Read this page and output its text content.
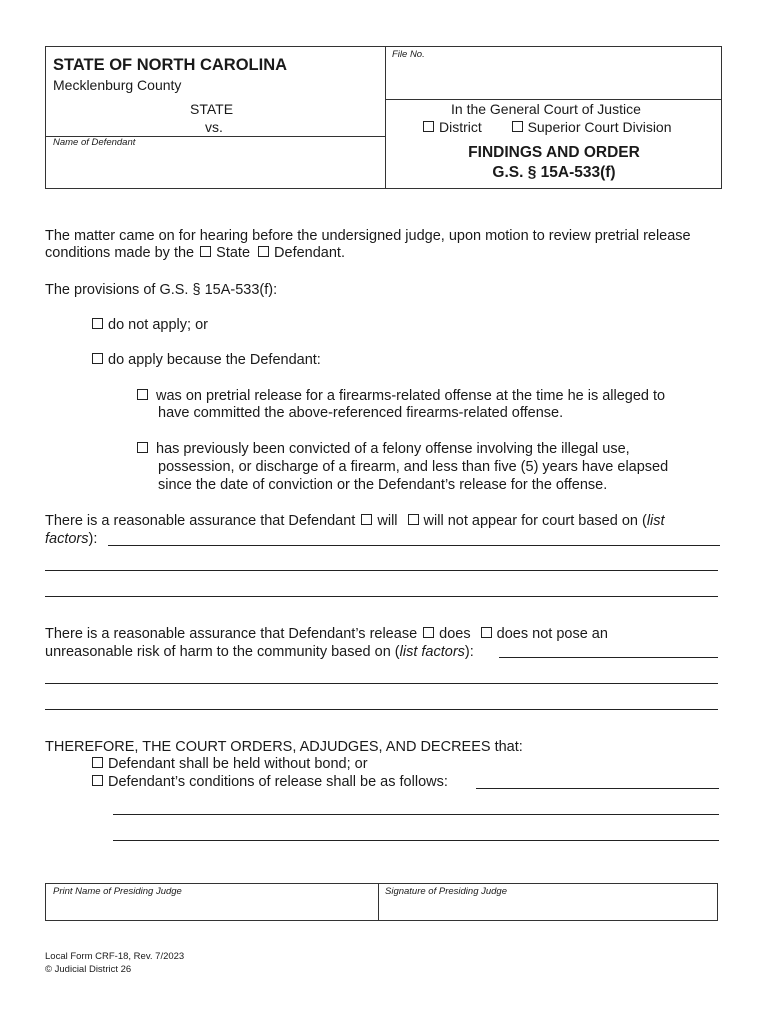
STATE OF NORTH CAROLINA
Mecklenburg County
File No.
STATE
vs.
In the General Court of Justice
District	Superior Court Division
Name of Defendant
FINDINGS AND ORDER
G.S. § 15A-533(f)
The matter came on for hearing before the undersigned judge, upon motion to review pretrial release
conditions made by the State Defendant.
The provisions of G.S. § 15A-533(f):
do not apply; or
do apply because the Defendant:
was on pretrial release for a firearms-related offense at the time he is alleged to
have committed the above-referenced firearms-related offense.
has previously been convicted of a felony offense involving the illegal use,
possession, or discharge of a firearm, and less than five (5) years have elapsed
since the date of conviction or the Defendant’s release for the offense.
There is a reasonable assurance that Defendant will will not appear for court based on (list
factors):
There is a reasonable assurance that Defendant’s release does does not pose an
unreasonable risk of harm to the community based on (list factors):
THEREFORE, THE COURT ORDERS, ADJUDGES, AND DECREES that:
Defendant shall be held without bond; or
Defendant’s conditions of release shall be as follows:
Print Name of Presiding Judge	Signature of Presiding Judge
Local Form CRF-18, Rev. 7/2023
© Judicial District 26
